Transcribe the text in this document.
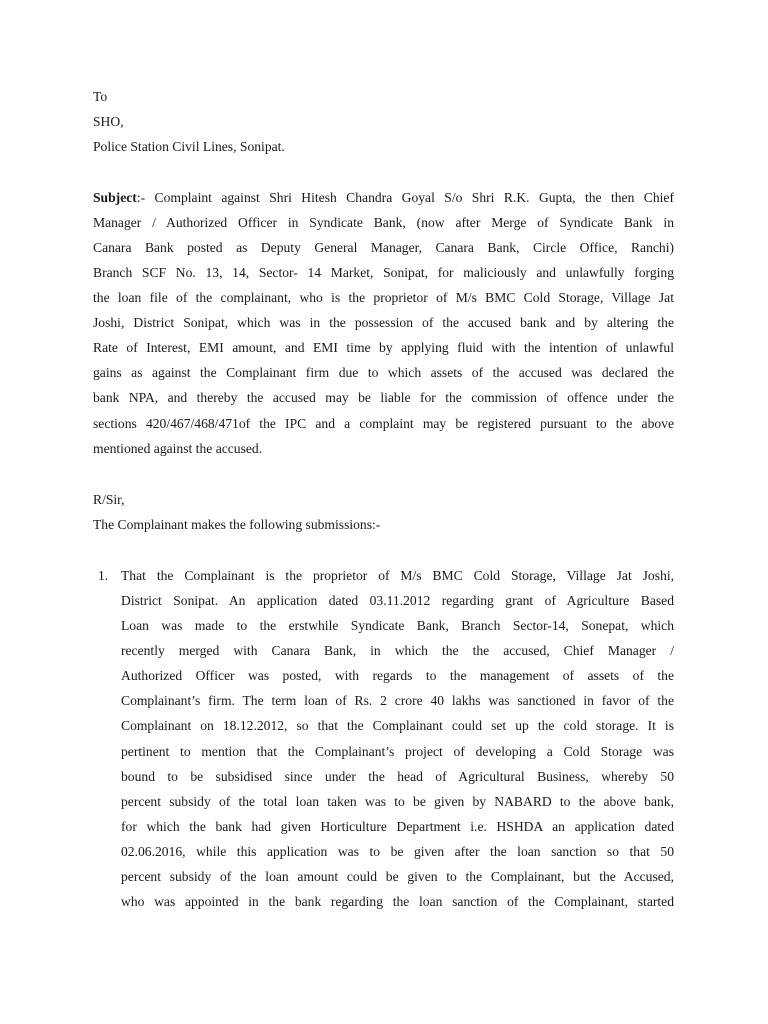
To
SHO,
Police Station Civil Lines, Sonipat.
Subject:- Complaint against Shri Hitesh Chandra Goyal S/o Shri R.K. Gupta, the then Chief
Manager / Authorized Officer in Syndicate Bank, (now after Merge of Syndicate Bank in
Canara Bank posted as Deputy General Manager, Canara Bank, Circle Office, Ranchi)
Branch SCF No. 13, 14, Sector- 14 Market, Sonipat, for maliciously and unlawfully forging
the loan file of the complainant, who is the proprietor of M/s BMC Cold Storage, Village Jat
Joshi, District Sonipat, which was in the possession of the accused bank and by altering the
Rate of Interest, EMI amount, and EMI time by applying fluid with the intention of unlawful
gains as against the Complainant firm due to which assets of the accused was declared the
bank NPA, and thereby the accused may be liable for the commission of offence under the
sections 420/467/468/471of the IPC and a complaint may be registered pursuant to the above
mentioned against the accused.
R/Sir,
The Complainant makes the following submissions:-
1. That the Complainant is the proprietor of M/s BMC Cold Storage, Village Jat Joshi,
District Sonipat. An application dated 03.11.2012 regarding grant of Agriculture Based
Loan was made to the erstwhile Syndicate Bank, Branch Sector-14, Sonepat, which
recently merged with Canara Bank, in which the the accused, Chief Manager /
Authorized Officer was posted, with regards to the management of assets of the
Complainant’s firm. The term loan of Rs. 2 crore 40 lakhs was sanctioned in favor of the
Complainant on 18.12.2012, so that the Complainant could set up the cold storage. It is
pertinent to mention that the Complainant’s project of developing a Cold Storage was
bound to be subsidised since under the head of Agricultural Business, whereby 50
percent subsidy of the total loan taken was to be given by NABARD to the above bank,
for which the bank had given Horticulture Department i.e. HSHDA an application dated
02.06.2016, while this application was to be given after the loan sanction so that 50
percent subsidy of the loan amount could be given to the Complainant, but the Accused,
who was appointed in the bank regarding the loan sanction of the Complainant, started
